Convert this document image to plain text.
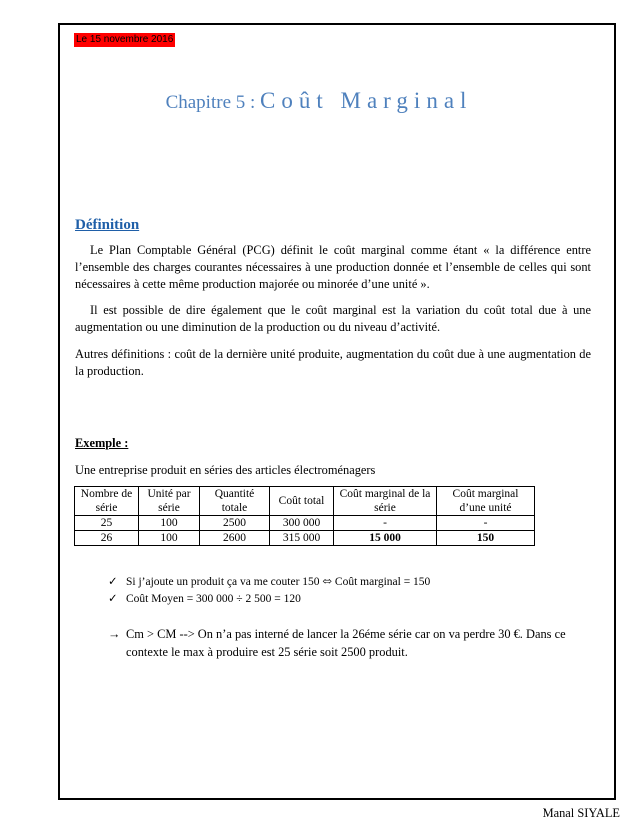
Le 15 novembre 2016
Chapitre 5 : Coût Marginal
Définition
Le Plan Comptable Général (PCG) définit le coût marginal comme étant « la différence entre l’ensemble des charges courantes nécessaires à une production donnée et l’ensemble de celles qui sont nécessaires à cette même production majorée ou minorée d’une unité ».
Il est possible de dire également que le coût marginal est la variation du coût total due à une augmentation ou une diminution de la production ou du niveau d’activité.
Autres définitions : coût de la dernière unité produite, augmentation du coût due à une augmentation de la production.
Exemple :
Une entreprise produit en séries des articles électroménagers
Nombre de série	Unité par série	Quantité totale	Coût total	Coût marginal de la série	Coût marginal d’une unité
25	100	2500	300 000	-	-
26	100	2600	315 000	15 000	150
✓ Si j’ajoute un produit ça va me couter 150 ⬄ Coût marginal = 150
✓ Coût Moyen = 300 000 ÷ 2 500 = 120
→ Cm > CM --> On n’a pas interné de lancer la 26éme série car on va perdre 30 €. Dans ce contexte le max à produire est 25 série soit 2500 produit.
Manal SIYALE
